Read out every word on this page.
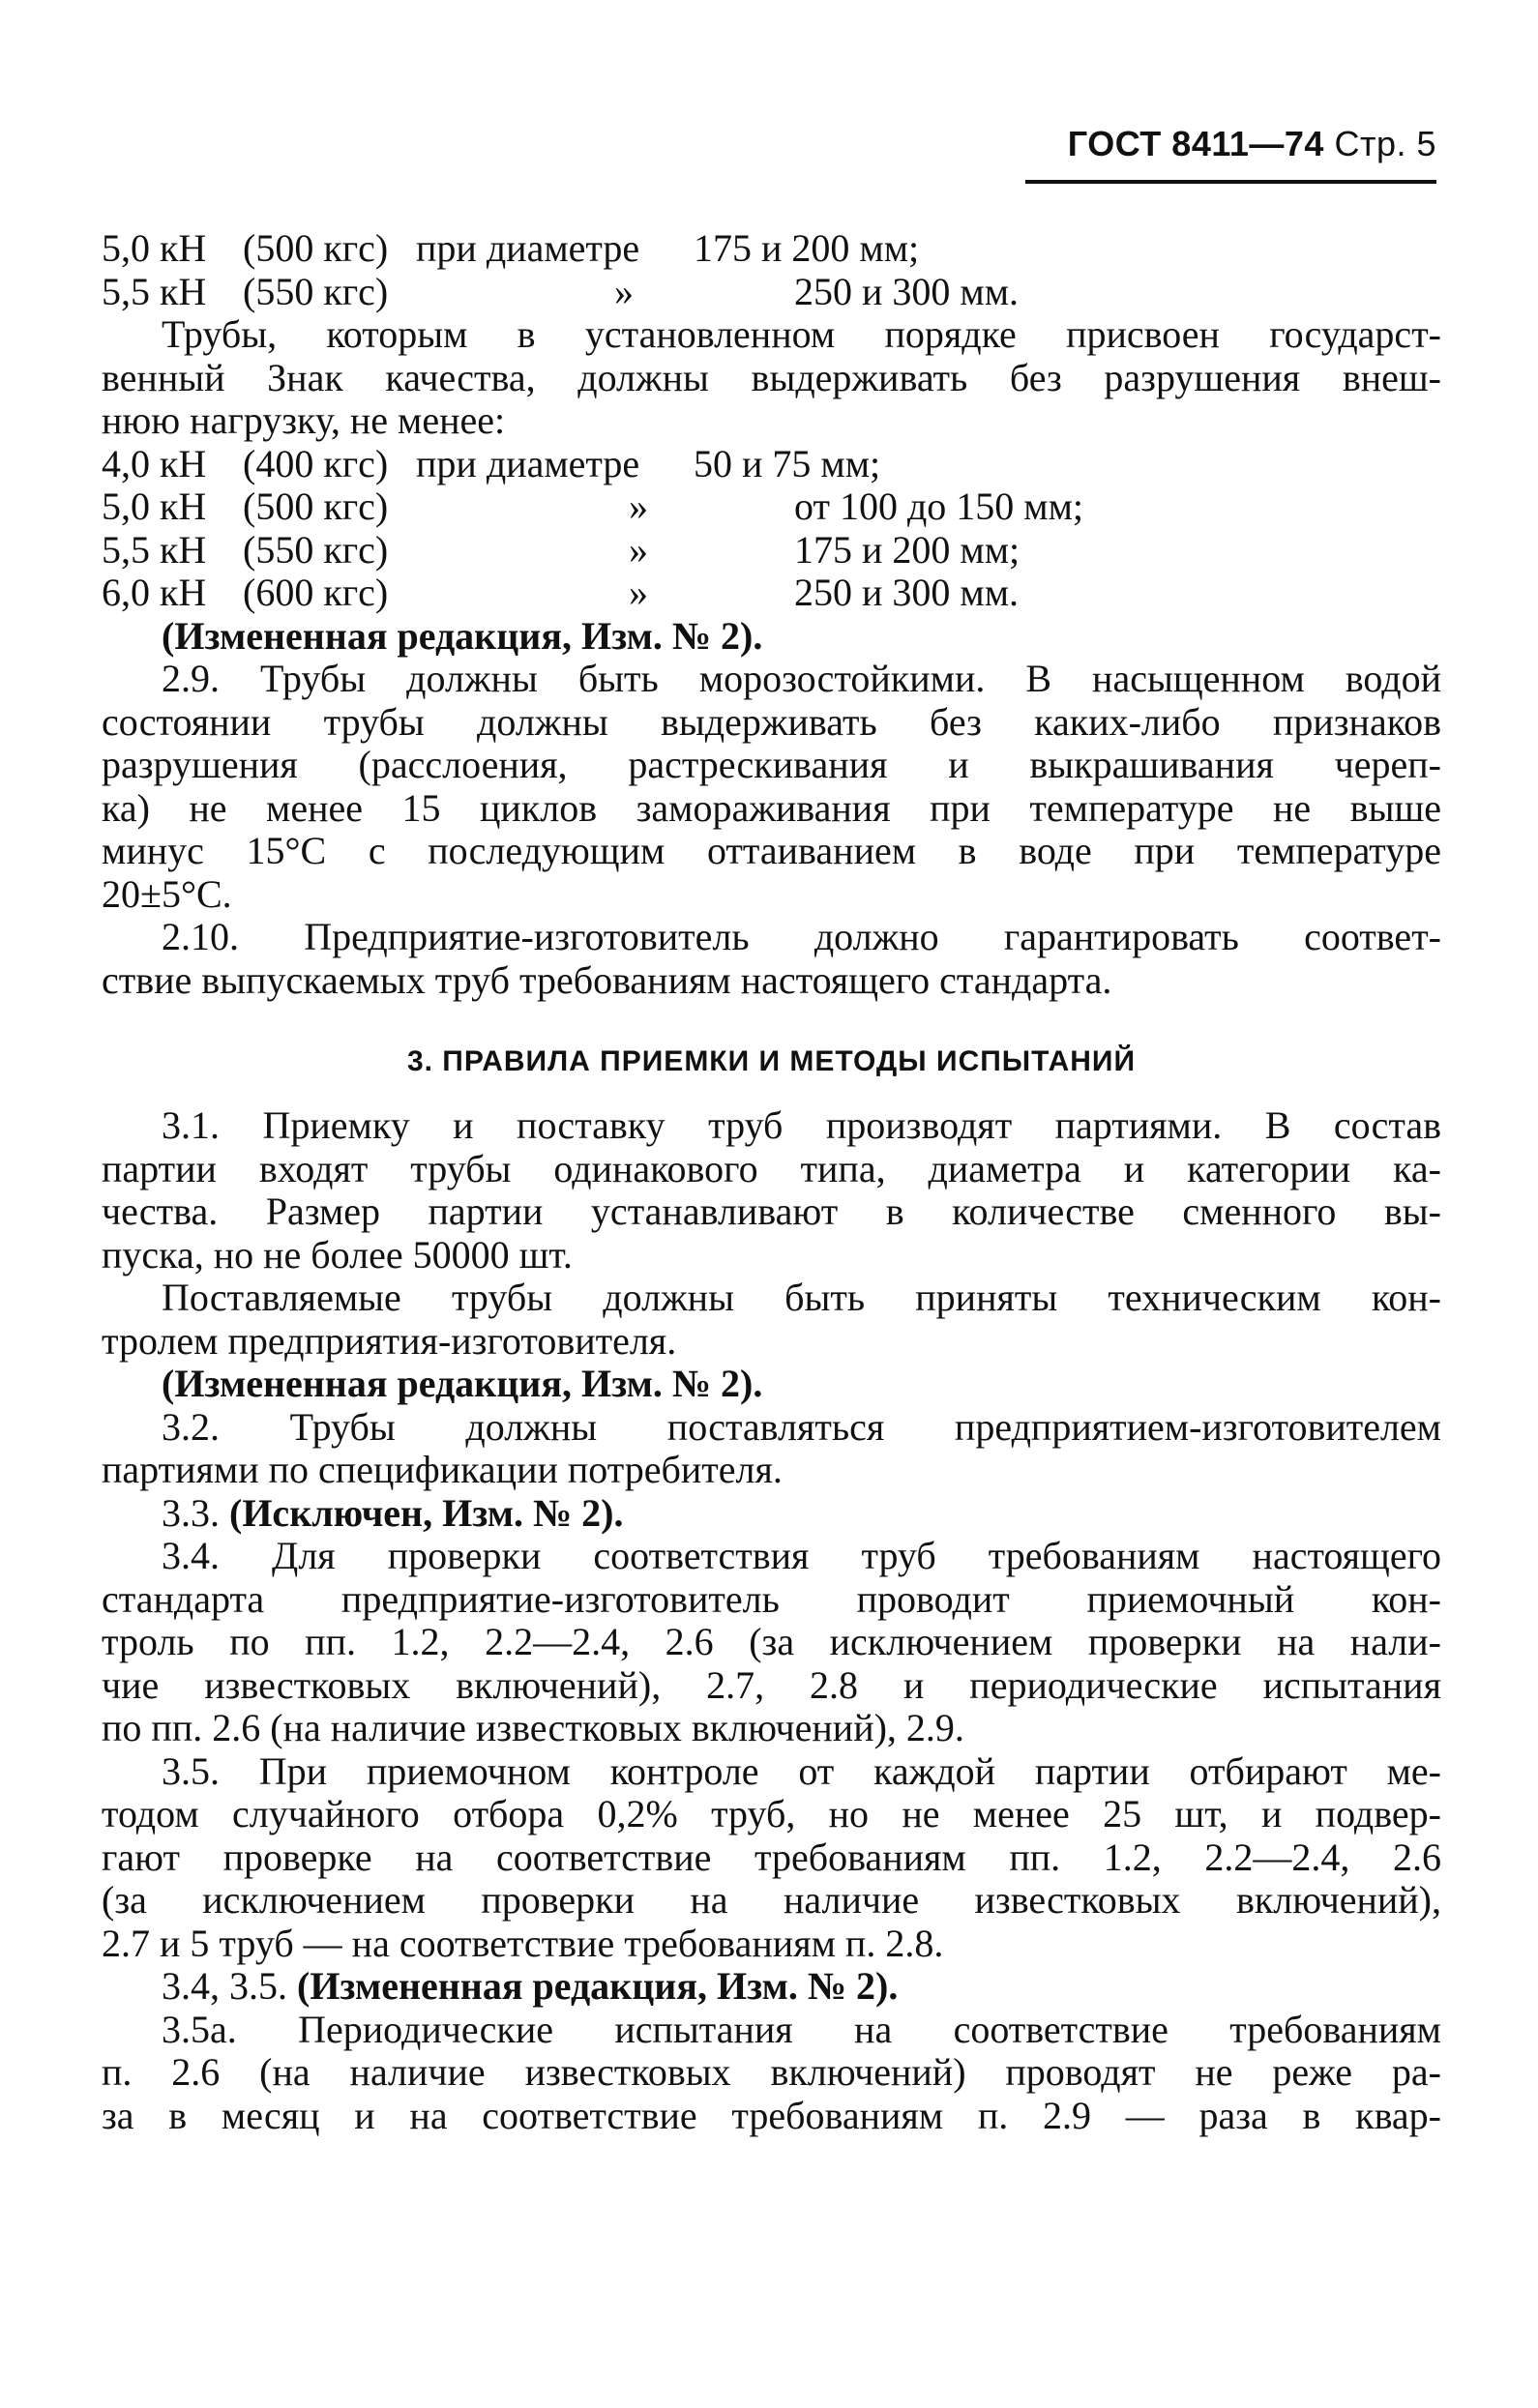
ГОСТ 8411—74 Стр. 5
5,0 кН (500 кгс) при диаметре 175 и 200 мм;
5,5 кН (550 кгс)	»	250 и 300 мм.
Трубы, которым в установленном порядке присвоен государст-
венный Знак качества, должны выдерживать без разрушения внеш-
нюю нагрузку, не менее:
4,0 кН (400 кгс) при диаметре 50 и 75 мм;
5,0 кН (500 кгс)	»	от 100 до 150 мм;
5,5 кН (550 кгс)	»	175 и 200 мм;
6,0 кН (600 кгс)	»	250 и 300 мм.
(Измененная редакция, Изм. № 2).
2.9. Трубы должны быть морозостойкими. В насыщенном водой
состоянии трубы должны выдерживать без каких-либо признаков
разрушения (расслоения, растрескивания и выкрашивания череп-
ка) не менее 15 циклов замораживания при температуре не выше
минус 15°С с последующим оттаиванием в воде при температуре
20±5°С.
2.10. Предприятие-изготовитель должно гарантировать соответ-
ствие выпускаемых труб требованиям настоящего стандарта.
3. ПРАВИЛА ПРИЕМКИ И МЕТОДЫ ИСПЫТАНИЙ
3.1. Приемку и поставку труб производят партиями. В состав
партии входят трубы одинакового типа, диаметра и категории ка-
чества. Размер партии устанавливают в количестве сменного вы-
пуска, но не более 50000 шт.
Поставляемые трубы должны быть приняты техническим кон-
тролем предприятия-изготовителя.
(Измененная редакция, Изм. № 2).
3.2. Трубы должны поставляться предприятием-изготовителем
партиями по спецификации потребителя.
3.3. (Исключен, Изм. № 2).
3.4. Для проверки соответствия труб требованиям настоящего
стандарта предприятие-изготовитель проводит приемочный кон-
троль по пп. 1.2, 2.2—2.4, 2.6 (за исключением проверки на нали-
чие известковых включений), 2.7, 2.8 и периодические испытания
по пп. 2.6 (на наличие известковых включений), 2.9.
3.5. При приемочном контроле от каждой партии отбирают ме-
тодом случайного отбора 0,2% труб, но не менее 25 шт, и подвер-
гают проверке на соответствие требованиям пп. 1.2, 2.2—2.4, 2.6
(за исключением проверки на наличие известковых включений),
2.7 и 5 труб — на соответствие требованиям п. 2.8.
3.4, 3.5. (Измененная редакция, Изм. № 2).
3.5а. Периодические испытания на соответствие требованиям
п. 2.6 (на наличие известковых включений) проводят не реже ра-
за в месяц и на соответствие требованиям п. 2.9 — раза в квар-
